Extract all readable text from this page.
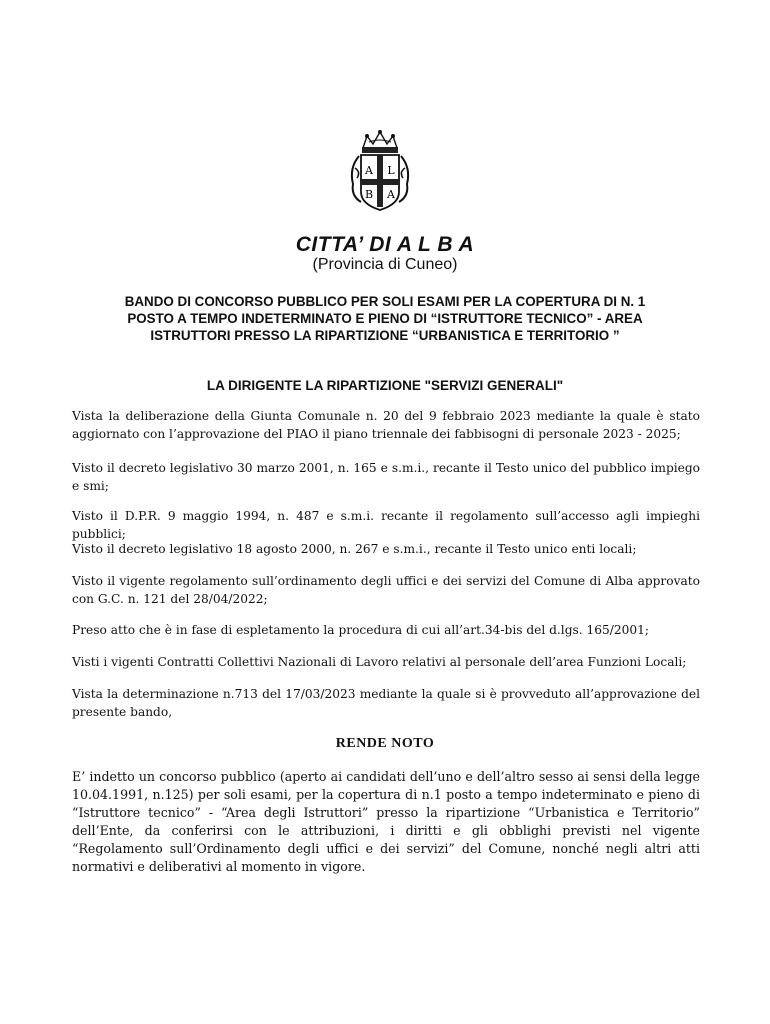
A L
B A
CITTA’ DI A L B A
(Provincia di Cuneo)
BANDO DI CONCORSO PUBBLICO PER SOLI ESAMI PER LA COPERTURA DI N. 1
POSTO A TEMPO INDETERMINATO E PIENO DI “ISTRUTTORE TECNICO” - AREA
ISTRUTTORI PRESSO LA RIPARTIZIONE “URBANISTICA E TERRITORIO ”
LA DIRIGENTE LA RIPARTIZIONE "SERVIZI GENERALI"
Vista la deliberazione della Giunta Comunale n. 20 del 9 febbraio 2023 mediante la quale è stato aggiornato con l’approvazione del PIAO il piano triennale dei fabbisogni di personale 2023 - 2025;
Visto il decreto legislativo 30 marzo 2001, n. 165 e s.m.i., recante il Testo unico del pubblico impiego e smi;
Visto il D.P.R. 9 maggio 1994, n. 487 e s.m.i. recante il regolamento sull’accesso agli impieghi pubblici;
Visto il decreto legislativo 18 agosto 2000, n. 267 e s.m.i., recante il Testo unico enti locali;
Visto il vigente regolamento sull’ordinamento degli uffici e dei servizi del Comune di Alba approvato con G.C. n. 121 del 28/04/2022;
Preso atto che è in fase di espletamento la procedura di cui all’art.34-bis del d.lgs. 165/2001;
Visti i vigenti Contratti Collettivi Nazionali di Lavoro relativi al personale dell’area Funzioni Locali;
Vista la determinazione n.713 del 17/03/2023 mediante la quale si è provveduto all’approvazione del presente bando,
RENDE NOTO
E’ indetto un concorso pubblico (aperto ai candidati dell’uno e dell’altro sesso ai sensi della legge 10.04.1991, n.125) per soli esami, per la copertura di n.1 posto a tempo indeterminato e pieno di “Istruttore tecnico” - “Area degli Istruttori” presso la ripartizione “Urbanistica e Territorio” dell’Ente, da conferirsi con le attribuzioni, i diritti e gli obblighi previsti nel vigente “Regolamento sull’Ordinamento degli uffici e dei servizi” del Comune, nonché negli altri atti normativi e deliberativi al momento in vigore.
